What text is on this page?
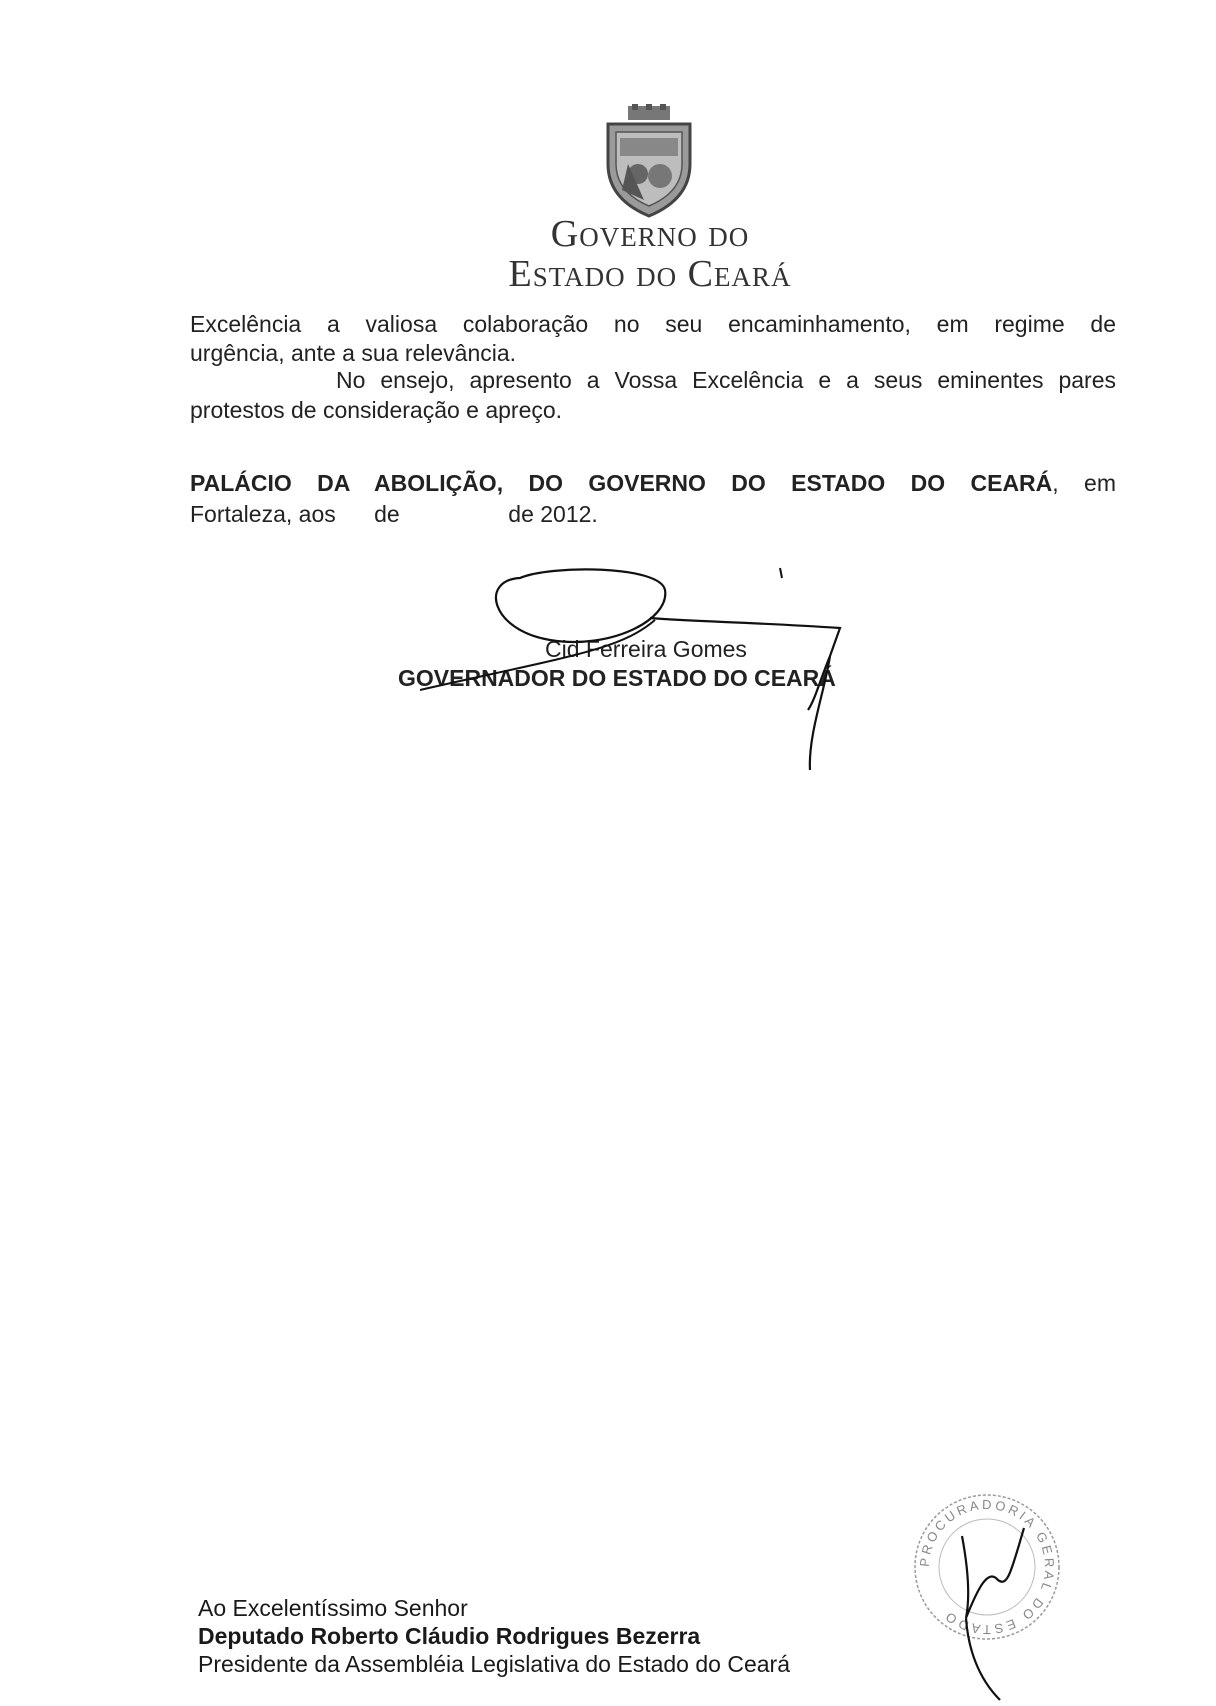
Governo do
Estado do Ceará
Excelência a valiosa colaboração no seu encaminhamento, em regime de
urgência, ante a sua relevância.
No ensejo, apresento a Vossa Excelência e a seus eminentes pares
protestos de consideração e apreço.
PALÁCIO DA ABOLIÇÃO, DO GOVERNO DO ESTADO DO CEARÁ, em
Fortaleza, aos      de                 de 2012.
Cid Ferreira Gomes
GOVERNADOR DO ESTADO DO CEARÁ
Ao Excelentíssimo Senhor
Deputado Roberto Cláudio Rodrigues Bezerra
Presidente da Assembléia Legislativa do Estado do Ceará
PROCURADORIA GERAL DO ESTADO
